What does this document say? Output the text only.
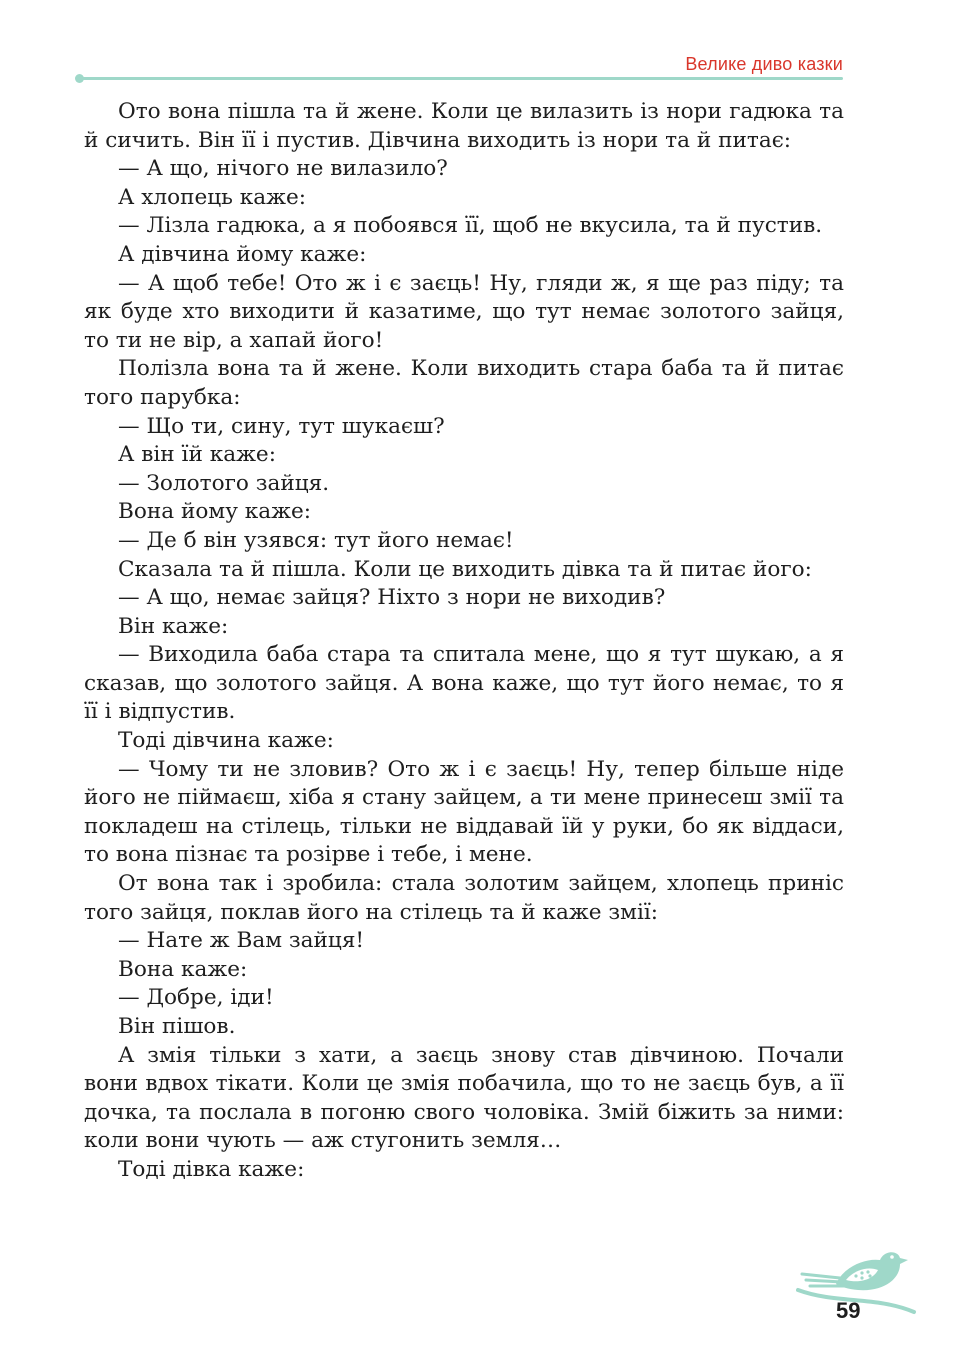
Велике диво казки

Ото вона пішла та й жене. Коли це вилазить із нори гадюка та й сичить. Він її і пустив. Дівчина виходить із нори та й питає:

— А що, нічого не вилазило?

А хлопець каже:

— Лізла гадюка, а я побоявся її, щоб не вкусила, та й пустив.

А дівчина йому каже:

— А щоб тебе! Ото ж і є заєць! Ну, гляди ж, я ще раз піду; та як буде хто виходити й казатиме, що тут немає золотого зайця, то ти не вір, а хапай його!

Полізла вона та й жене. Коли виходить стара баба та й питає того парубка:

— Що ти, сину, тут шукаєш?

А він їй каже:

— Золотого зайця.

Вона йому каже:

— Де б він узявся: тут його немає!

Сказала та й пішла. Коли це виходить дівка та й питає його:

— А що, немає зайця? Ніхто з нори не виходив?

Він каже:

— Виходила баба стара та спитала мене, що я тут шукаю, а я сказав, що золотого зайця. А вона каже, що тут його немає, то я її і відпустив.

Тоді дівчина каже:

— Чому ти не зловив? Ото ж і є заєць! Ну, тепер більше ніде його не піймаєш, хіба я стану зайцем, а ти мене принесеш змії та покладеш на стілець, тільки не віддавай їй у руки, бо як віддаси, то вона пізнає та розірве і тебе, і мене.

От вона так і зробила: стала золотим зайцем, хлопець приніс того зайця, поклав його на стілець та й каже змії:

— Нате ж Вам зайця!

Вона каже:

— Добре, іди!

Він пішов.

А змія тільки з хати, а заєць знову став дівчиною. Почали вони вдвох тікати. Коли це змія побачила, що то не заєць був, а її дочка, та послала в погоню свого чоловіка. Змій біжить за ними: коли вони чують — аж стугонить земля…

Тоді дівка каже:

59
